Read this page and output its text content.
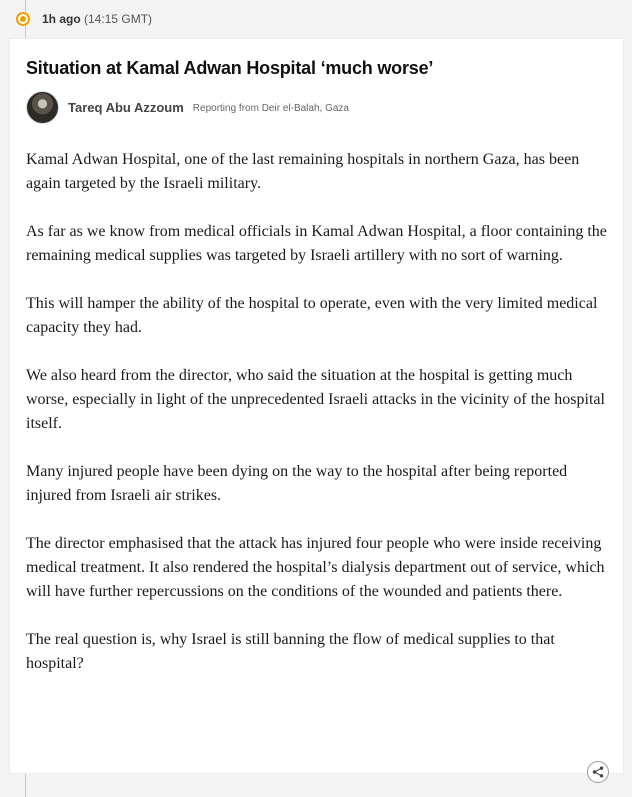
1h ago (14:15 GMT)
Situation at Kamal Adwan Hospital ‘much worse’
Tareq Abu Azzoum Reporting from Deir el-Balah, Gaza

Kamal Adwan Hospital, one of the last remaining hospitals in northern Gaza, has been again targeted by the Israeli military.

As far as we know from medical officials in Kamal Adwan Hospital, a floor containing the remaining medical supplies was targeted by Israeli artillery with no sort of warning.

This will hamper the ability of the hospital to operate, even with the very limited medical capacity they had.

We also heard from the director, who said the situation at the hospital is getting much worse, especially in light of the unprecedented Israeli attacks in the vicinity of the hospital itself.

Many injured people have been dying on the way to the hospital after being reported injured from Israeli air strikes.

The director emphasised that the attack has injured four people who were inside receiving medical treatment. It also rendered the hospital’s dialysis department out of service, which will have further repercussions on the conditions of the wounded and patients there.

The real question is, why Israel is still banning the flow of medical supplies to that hospital?
